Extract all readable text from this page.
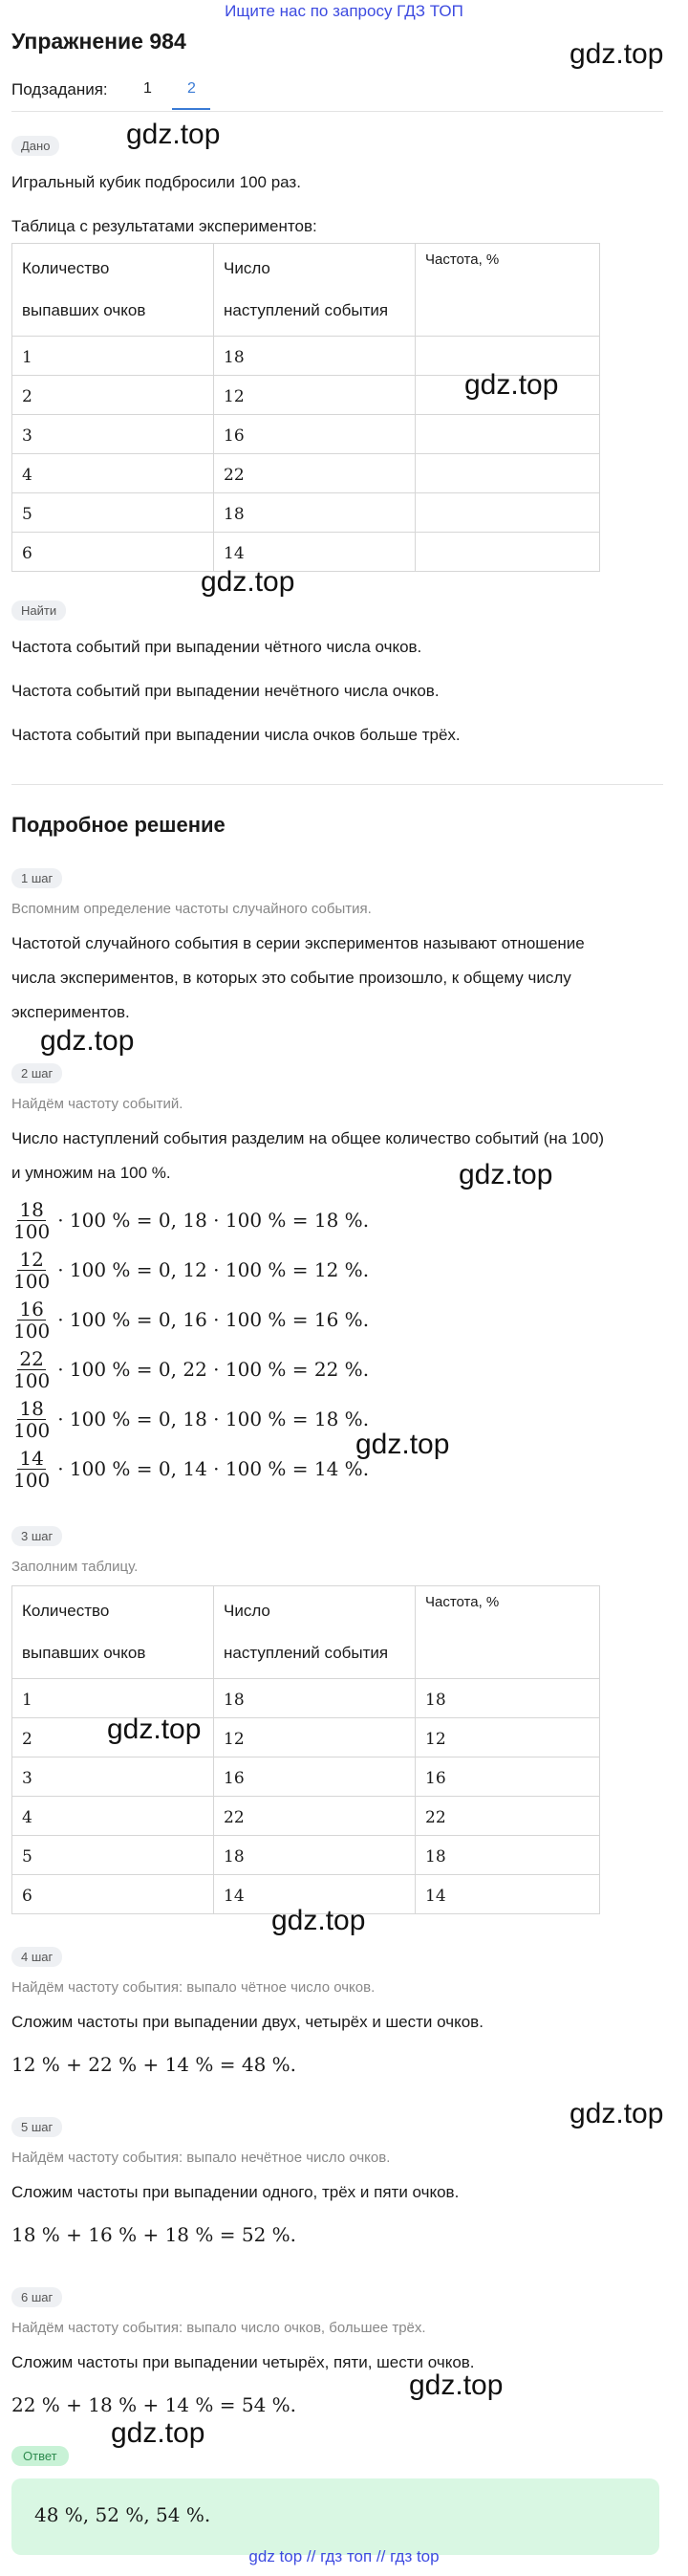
Ищите нас по запросу ГДЗ ТОП
Упражнение 984	gdz.top
Подзадания: 1 2
Дано	gdz.top
Игральный кубик подбросили 100 раз.
Таблица с результатами экспериментов:
Количество
выпавших очков	Число
наступлений события	Частота, %

1	18	

2	12	

3	16	

4	22	

5	18	

6	14	

gdz.top
gdz.top
Найти
Частота событий при выпадении чётного числа очков.
Частота событий при выпадении нечётного числа очков.
Частота событий при выпадении числа очков больше трёх.
Подробное решение
1 шаг
Вспомним определение частоты случайного события.
Частотой случайного события в серии экспериментов называют отношение
числа экспериментов, в которых это событие произошло, к общему числу
экспериментов.
gdz.top
2 шаг
Найдём частоту событий.
Число наступлений события разделим на общее количество событий (на 100)
и умножим на 100 %.	gdz.top
$\frac{18}{100} \cdot 100$ % = 0, 18 · 100 % = 18 %.
$\frac{12}{100} \cdot 100$ % = 0, 12 · 100 % = 12 %.
$\frac{16}{100} \cdot 100$ % = 0, 16 · 100 % = 16 %.
$\frac{22}{100} \cdot 100$ % = 0, 22 · 100 % = 22 %.
$\frac{18}{100} \cdot 100$ % = 0, 18 · 100 % = 18 %.
$\frac{14}{100} \cdot 100$ % = 0, 14 · 100 % = 14 %.
gdz.top
3 шаг
Заполним таблицу.
Количество
выпавших очков	Число
наступлений события	Частота, %

1	18	18

2	12	12

3	16	16

4	22	22

5	18	18

6	14	14
gdz.top
gdz.top
4 шаг
Найдём частоту события: выпало чётное число очков.
Сложим частоты при выпадении двух, четырёх и шести очков.
12 % + 22 % + 14 % = 48 %.
gdz.top
5 шаг
Найдём частоту события: выпало нечётное число очков.
Сложим частоты при выпадении одного, трёх и пяти очков.
18 % + 16 % + 18 % = 52 %.
6 шаг
Найдём частоту события: выпало число очков, большее трёх.
Сложим частоты при выпадении четырёх, пяти, шести очков.
22 % + 18 % + 14 % = 54 %.
gdz.top
Ответ
gdz.top
48 %, 52 %, 54 %.
gdz top // гдз топ // гдз top
